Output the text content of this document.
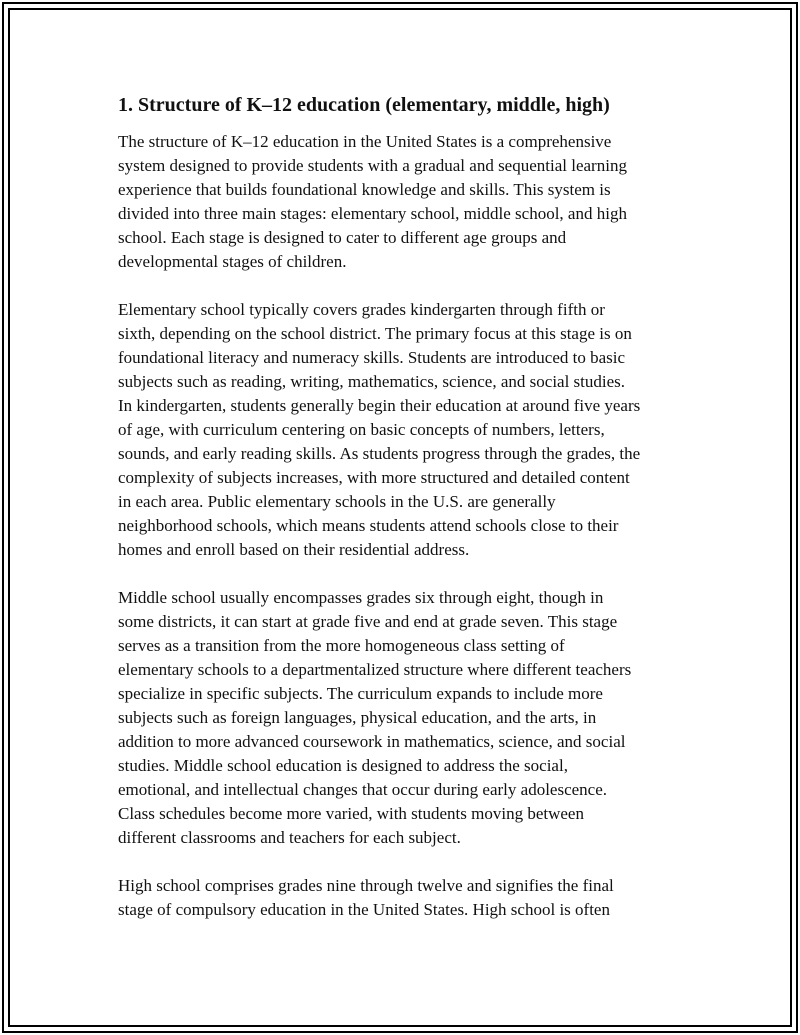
1. Structure of K–12 education (elementary, middle, high)
The structure of K–12 education in the United States is a comprehensive
system designed to provide students with a gradual and sequential learning
experience that builds foundational knowledge and skills. This system is
divided into three main stages: elementary school, middle school, and high
school. Each stage is designed to cater to different age groups and
developmental stages of children.
Elementary school typically covers grades kindergarten through fifth or
sixth, depending on the school district. The primary focus at this stage is on
foundational literacy and numeracy skills. Students are introduced to basic
subjects such as reading, writing, mathematics, science, and social studies.
In kindergarten, students generally begin their education at around five years
of age, with curriculum centering on basic concepts of numbers, letters,
sounds, and early reading skills. As students progress through the grades, the
complexity of subjects increases, with more structured and detailed content
in each area. Public elementary schools in the U.S. are generally
neighborhood schools, which means students attend schools close to their
homes and enroll based on their residential address.
Middle school usually encompasses grades six through eight, though in
some districts, it can start at grade five and end at grade seven. This stage
serves as a transition from the more homogeneous class setting of
elementary schools to a departmentalized structure where different teachers
specialize in specific subjects. The curriculum expands to include more
subjects such as foreign languages, physical education, and the arts, in
addition to more advanced coursework in mathematics, science, and social
studies. Middle school education is designed to address the social,
emotional, and intellectual changes that occur during early adolescence.
Class schedules become more varied, with students moving between
different classrooms and teachers for each subject.
High school comprises grades nine through twelve and signifies the final
stage of compulsory education in the United States. High school is often
